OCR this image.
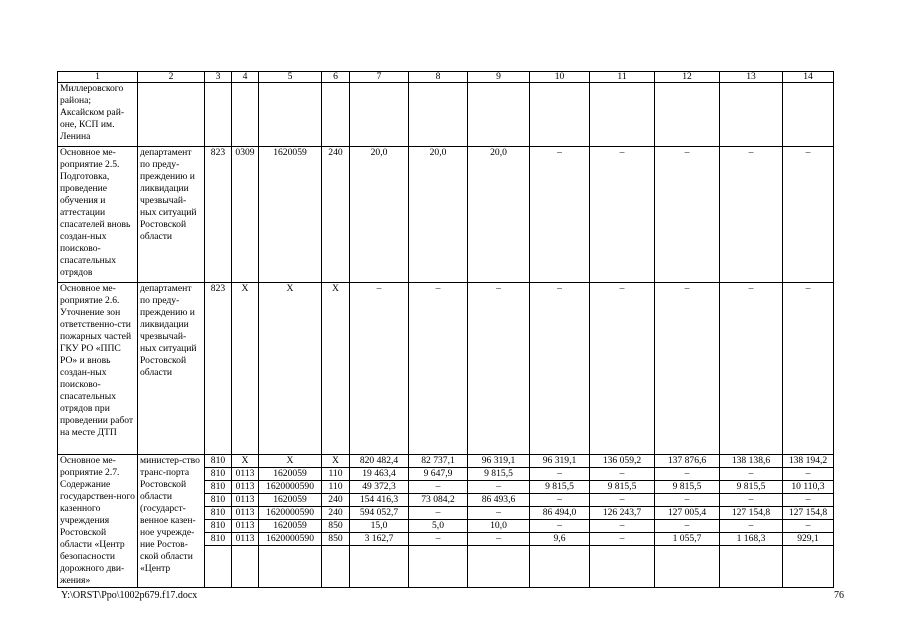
1	2	3	4	5	6	7	8	9	10	11	12	13	14
Миллеровского района; Аксайском рай-оне, КСП им. Ленина													
Основное ме-роприятие 2.5. Подготовка, проведение обучения и аттестации спасателей вновь создан-ных поисково-спасательных отрядов	департамент по преду-преждению и ликвидации чрезвычай-ных ситуаций Ростовской области	823	0309	1620059	240	20,0	20,0	20,0	–	–	–	–	–
Основное ме-роприятие 2.6. Уточнение зон ответственно-сти пожарных частей ГКУ РО «ППС РО» и вновь создан-ных поисково-спасательных отрядов при проведении работ на месте ДТП	департамент по преду-преждению и ликвидации чрезвычай-ных ситуаций Ростовской области	823	X	X	X	–	–	–	–	–	–	–	–
Основное ме-роприятие 2.7. Содержание государствен-ного казенного учреждения Ростовской области «Центр безопасности дорожного дви-жения»	министер-ство транс-порта Ростовской области (государст-венное казен-ное учрежде-ние Ростов-ской области «Центр	810	X	X	X	820 482,4	82 737,1	96 319,1	96 319,1	136 059,2	137 876,6	138 138,6	138 194,2
		810	0113	1620059	110	19 463,4	9 647,9	9 815,5	–	–	–	–	–
		810	0113	1620000590	110	49 372,3	–	–	9 815,5	9 815,5	9 815,5	9 815,5	10 110,3
		810	0113	1620059	240	154 416,3	73 084,2	86 493,6	–	–	–	–	–
		810	0113	1620000590	240	594 052,7	–	–	86 494,0	126 243,7	127 005,4	127 154,8	127 154,8
		810	0113	1620059	850	15,0	5,0	10,0	–	–	–	–	–
		810	0113	1620000590	850	3 162,7	–	–	9,6	–	1 055,7	1 168,3	929,1

Y:\ORST\Ppo\1002p679.f17.docx	76
